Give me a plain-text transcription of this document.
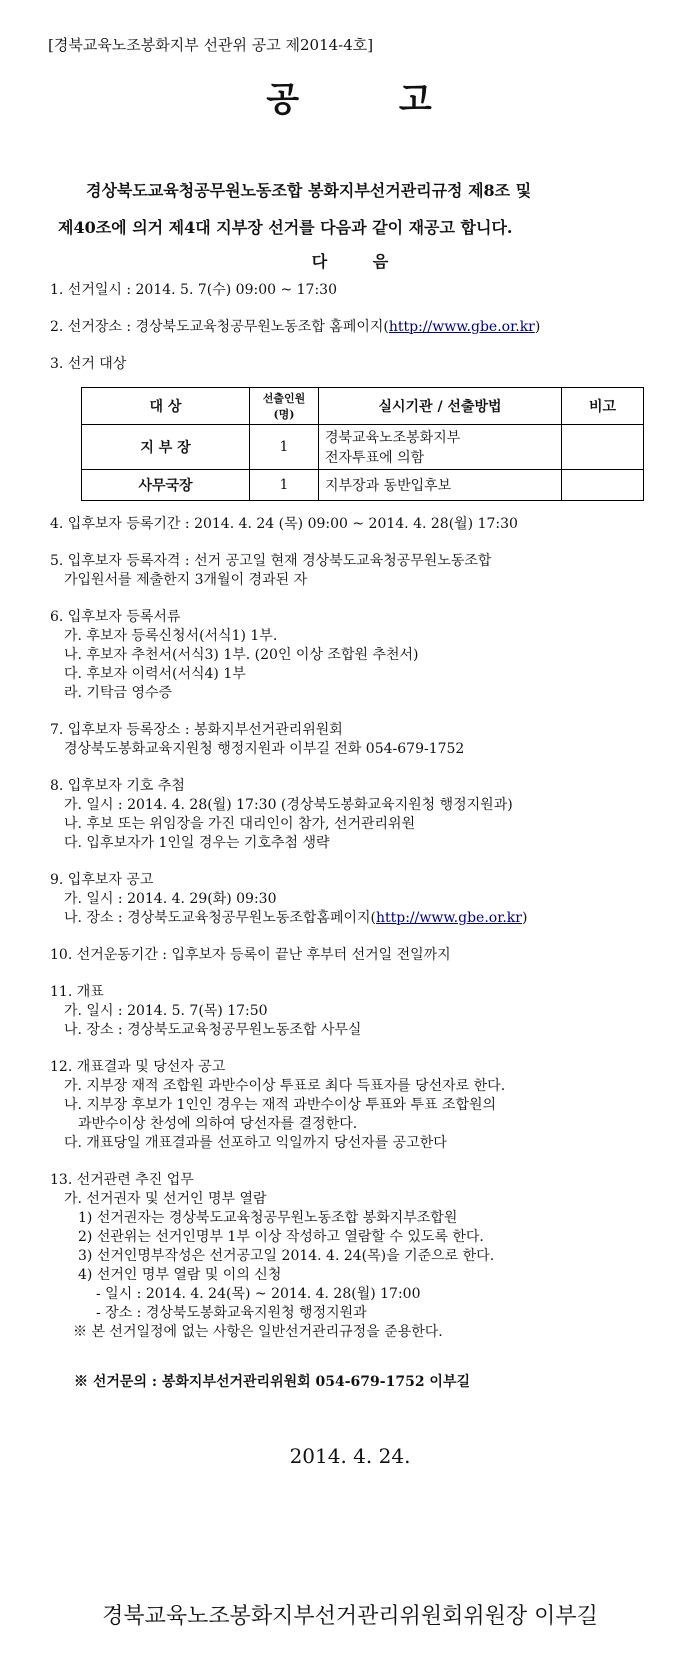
[경북교육노조봉화지부 선관위 공고 제2014-4호]
공 고
경상북도교육청공무원노동조합 봉화지부선거관리규정 제8조 및
제40조에 의거 제4대 지부장 선거를 다음과 같이 재공고 합니다.
다 음
1. 선거일시 : 2014. 5. 7(수) 09:00 ~ 17:30
2. 선거장소 : 경상북도교육청공무원노동조합 홈페이지(http://www.gbe.or.kr)
3. 선거 대상
대 상	선출인원(명)	실시기관 / 선출방법	비고
지 부 장	1	경북교육노조봉화지부
전자투표에 의함	

사무국장	1	지부장과 동반입후보	
4. 입후보자 등록기간 : 2014. 4. 24 (목) 09:00 ~ 2014. 4. 28(월) 17:30
5. 입후보자 등록자격 : 선거 공고일 현재 경상북도교육청공무원노동조합
가입원서를 제출한지 3개월이 경과된 자
6. 입후보자 등록서류
가. 후보자 등록신청서(서식1) 1부.
나. 후보자 추천서(서식3) 1부. (20인 이상 조합원 추천서)
다. 후보자 이력서(서식4) 1부
라. 기탁금 영수증
7. 입후보자 등록장소 : 봉화지부선거관리위원회
경상북도봉화교육지원청 행정지원과 이부길 전화 054-679-1752
8. 입후보자 기호 추첨
가. 일시 : 2014. 4. 28(월) 17:30 (경상북도봉화교육지원청 행정지원과)
나. 후보 또는 위임장을 가진 대리인이 참가, 선거관리위원
다. 입후보자가 1인일 경우는 기호추첨 생략
9. 입후보자 공고
가. 일시 : 2014. 4. 29(화) 09:30
나. 장소 : 경상북도교육청공무원노동조합홈페이지(http://www.gbe.or.kr)
10. 선거운동기간 : 입후보자 등록이 끝난 후부터 선거일 전일까지
11. 개표
가. 일시 : 2014. 5. 7(목) 17:50
나. 장소 : 경상북도교육청공무원노동조합 사무실
12. 개표결과 및 당선자 공고
가. 지부장 재적 조합원 과반수이상 투표로 최다 득표자를 당선자로 한다.
나. 지부장 후보가 1인인 경우는 재적 과반수이상 투표와 투표 조합원의
과반수이상 찬성에 의하여 당선자를 결정한다.
다. 개표당일 개표결과를 선포하고 익일까지 당선자를 공고한다
13. 선거관련 추진 업무
가. 선거권자 및 선거인 명부 열람
1) 선거권자는 경상북도교육청공무원노동조합 봉화지부조합원
2) 선관위는 선거인명부 1부 이상 작성하고 열람할 수 있도록 한다.
3) 선거인명부작성은 선거공고일 2014. 4. 24(목)을 기준으로 한다.
4) 선거인 명부 열람 및 이의 신청
- 일시 : 2014. 4. 24(목) ~ 2014. 4. 28(월) 17:00
- 장소 : 경상북도봉화교육지원청 행정지원과
※ 본 선거일정에 없는 사항은 일반선거관리규정을 준용한다.
※ 선거문의 : 봉화지부선거관리위원회 054-679-1752 이부길
2014. 4. 24.
경북교육노조봉화지부선거관리위원회위원장 이부길
